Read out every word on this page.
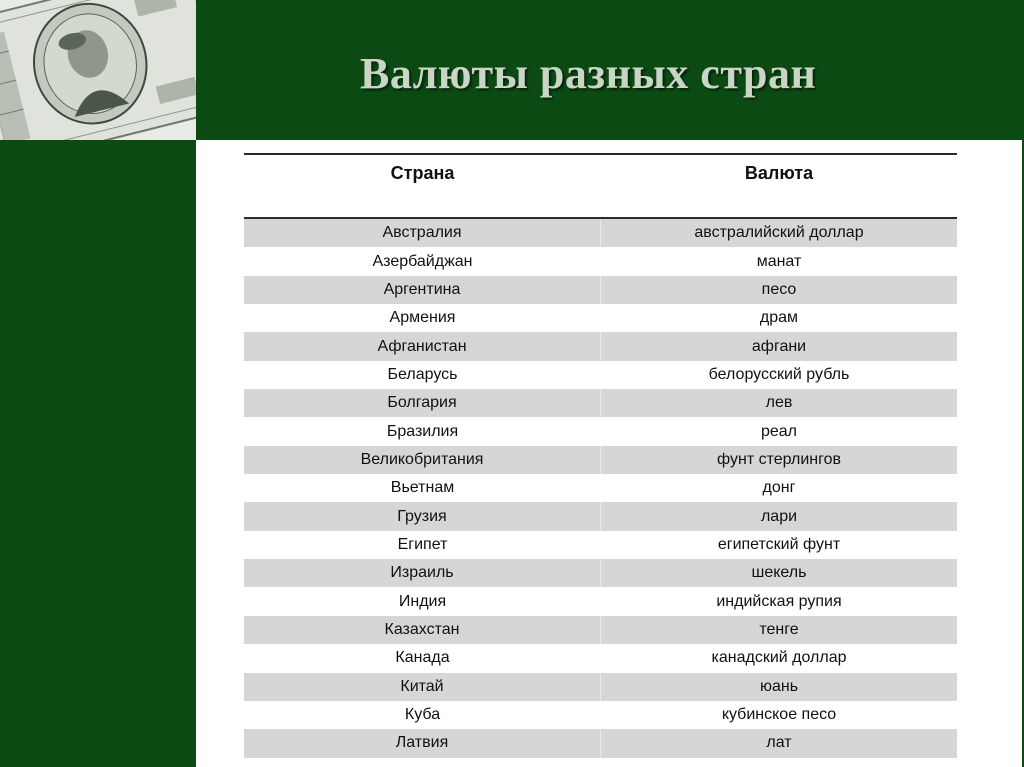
Валюты разных стран
Страна	Валюта
Австралия	австралийский доллар
Азербайджан	манат
Аргентина	песо
Армения	драм
Афганистан	афгани
Беларусь	белорусский рубль
Болгария	лев
Бразилия	реал
Великобритания	фунт стерлингов
Вьетнам	донг
Грузия	лари
Египет	египетский фунт
Израиль	шекель
Индия	индийская рупия
Казахстан	тенге
Канада	канадский доллар
Китай	юань
Куба	кубинское песо
Латвия	лат
